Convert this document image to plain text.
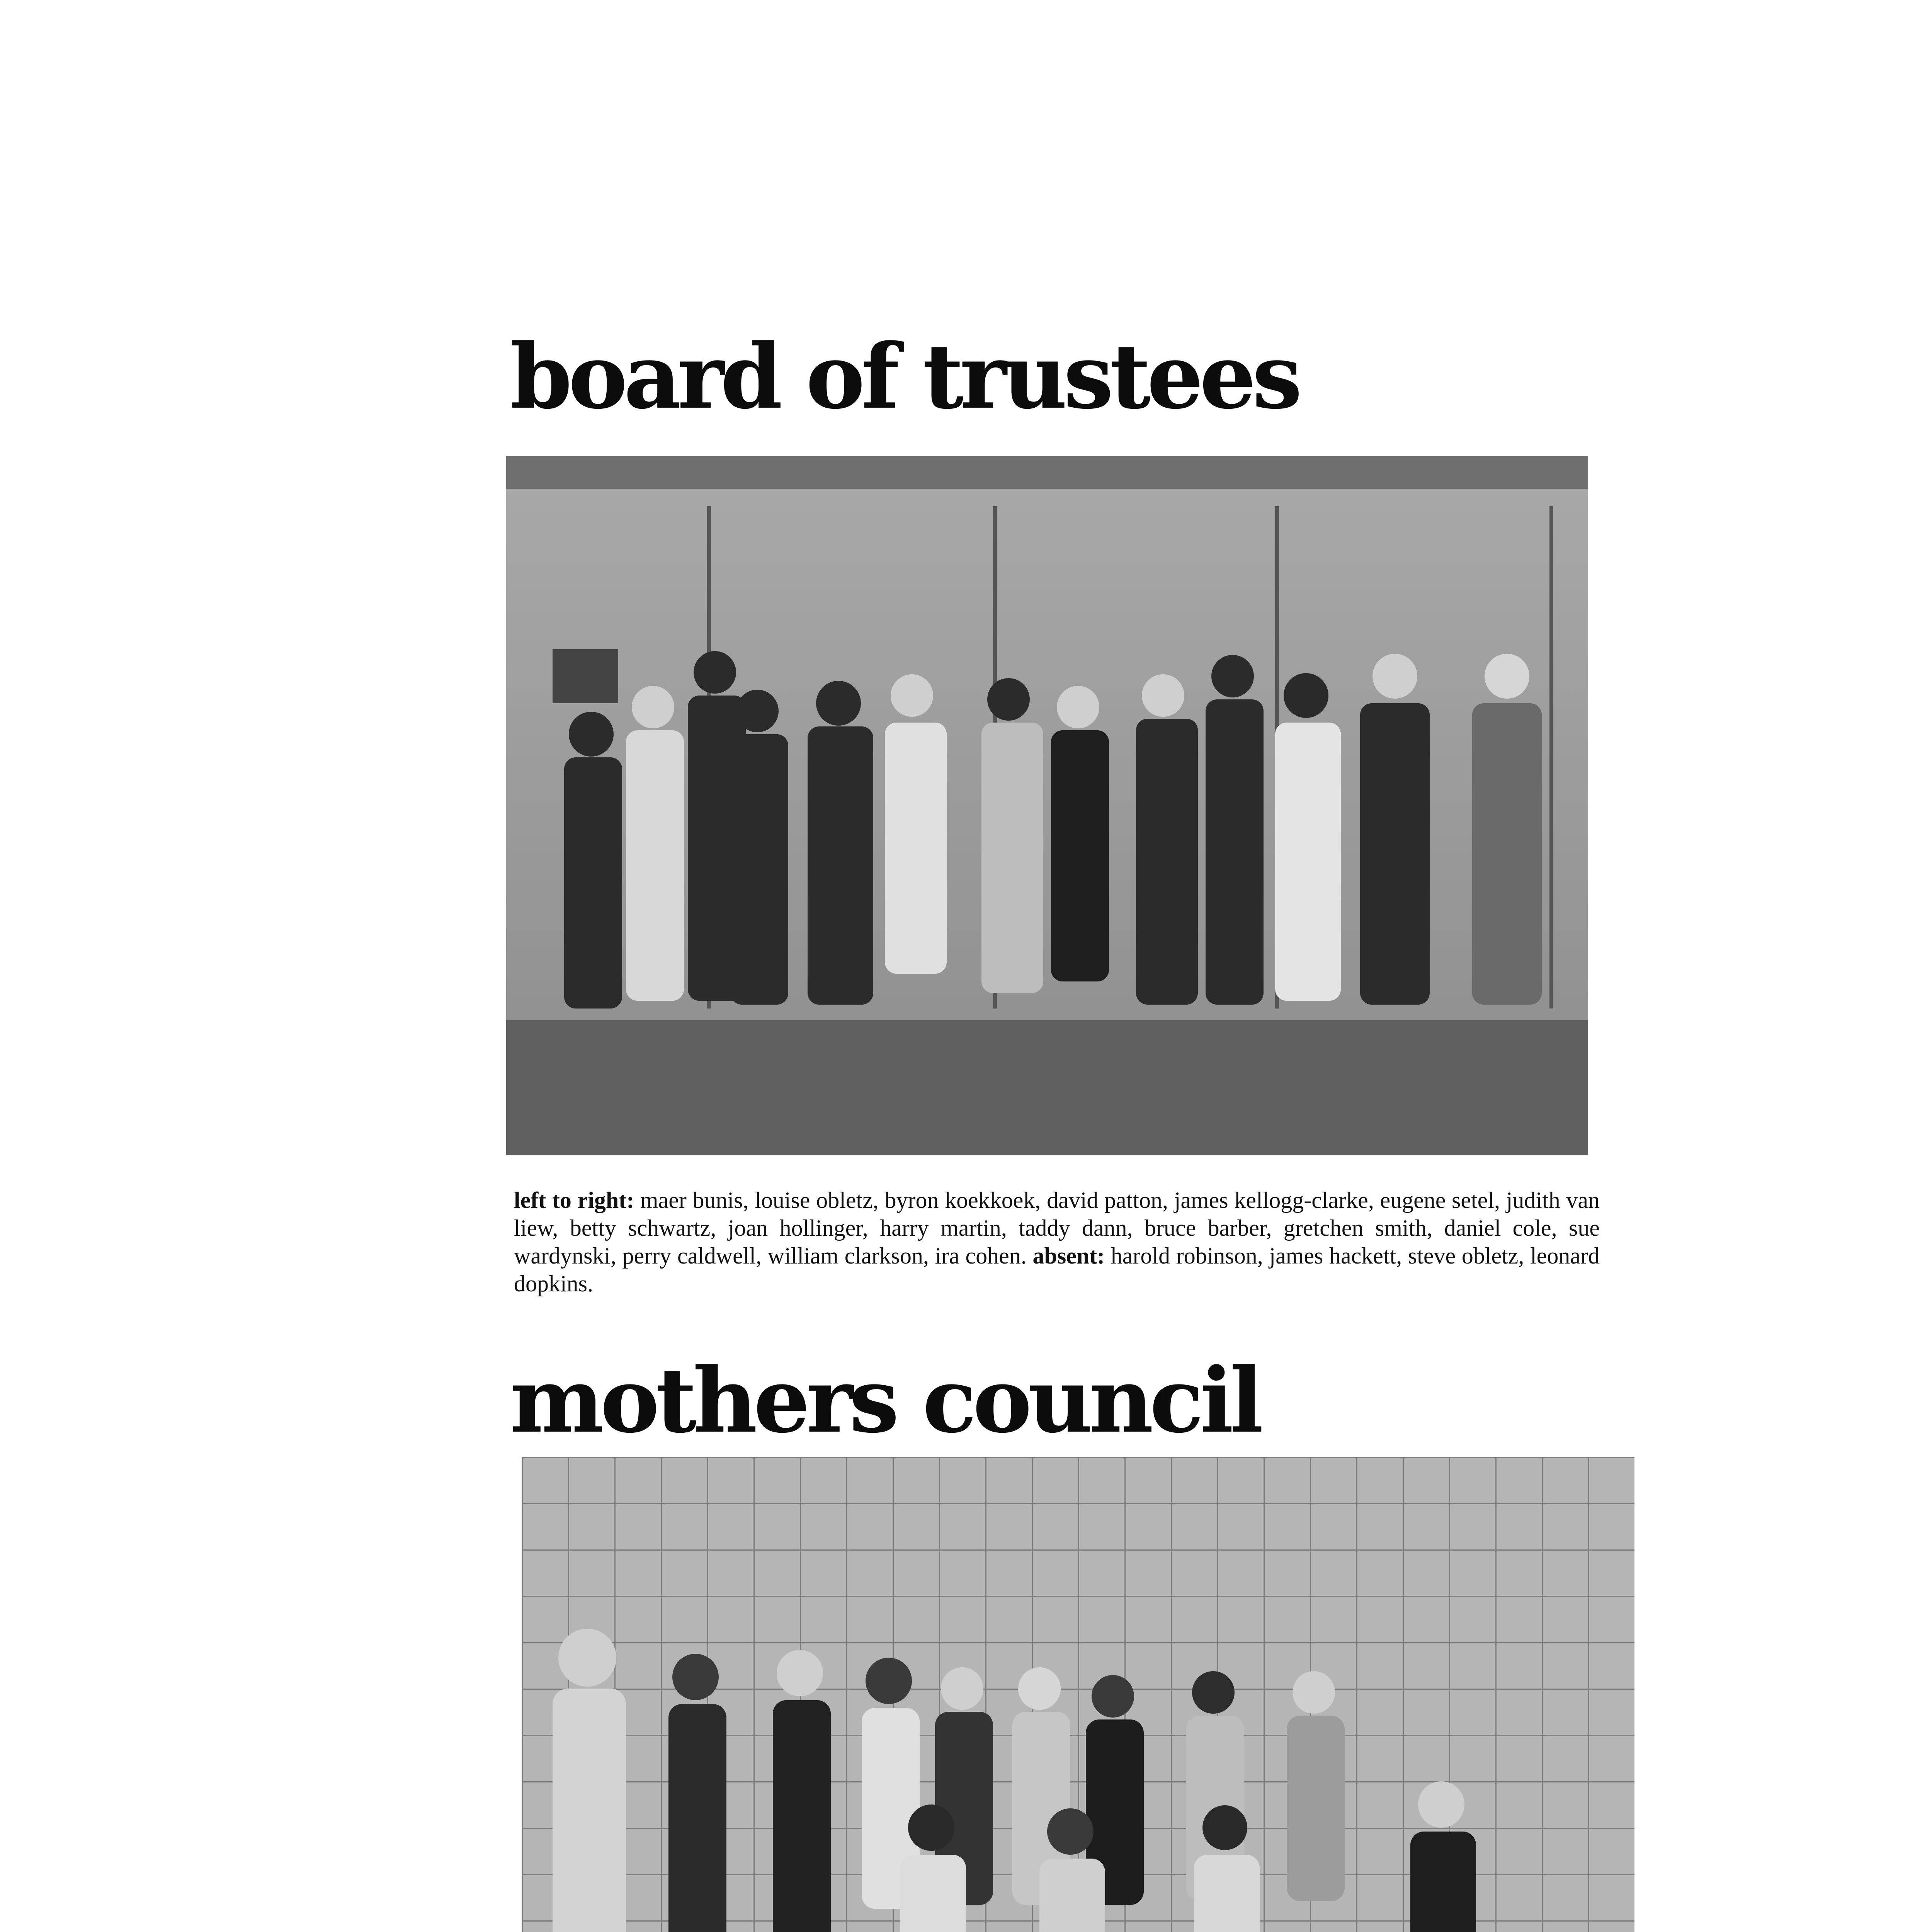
board of trustees

left to right: maer bunis, louise obletz, byron koekkoek, david patton, james kellogg-clarke, eugene setel, judith van liew, betty schwartz, joan hollinger, harry martin, taddy dann, bruce barber, gretchen smith, daniel cole, sue wardynski, perry caldwell, william clarkson, ira cohen. absent: harold robinson, james hackett, steve obletz, leonard dopkins.

mothers council
